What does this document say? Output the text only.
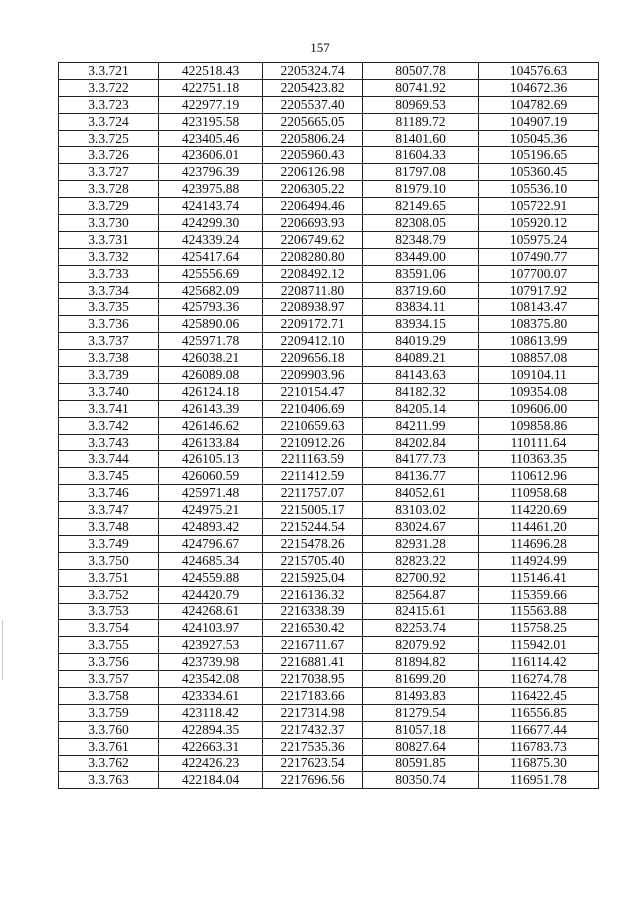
157
3.3.721	422518.43	2205324.74	80507.78	104576.63
3.3.722	422751.18	2205423.82	80741.92	104672.36
3.3.723	422977.19	2205537.40	80969.53	104782.69
3.3.724	423195.58	2205665.05	81189.72	104907.19
3.3.725	423405.46	2205806.24	81401.60	105045.36
3.3.726	423606.01	2205960.43	81604.33	105196.65
3.3.727	423796.39	2206126.98	81797.08	105360.45
3.3.728	423975.88	2206305.22	81979.10	105536.10
3.3.729	424143.74	2206494.46	82149.65	105722.91
3.3.730	424299.30	2206693.93	82308.05	105920.12
3.3.731	424339.24	2206749.62	82348.79	105975.24
3.3.732	425417.64	2208280.80	83449.00	107490.77
3.3.733	425556.69	2208492.12	83591.06	107700.07
3.3.734	425682.09	2208711.80	83719.60	107917.92
3.3.735	425793.36	2208938.97	83834.11	108143.47
3.3.736	425890.06	2209172.71	83934.15	108375.80
3.3.737	425971.78	2209412.10	84019.29	108613.99
3.3.738	426038.21	2209656.18	84089.21	108857.08
3.3.739	426089.08	2209903.96	84143.63	109104.11
3.3.740	426124.18	2210154.47	84182.32	109354.08
3.3.741	426143.39	2210406.69	84205.14	109606.00
3.3.742	426146.62	2210659.63	84211.99	109858.86
3.3.743	426133.84	2210912.26	84202.84	110111.64
3.3.744	426105.13	2211163.59	84177.73	110363.35
3.3.745	426060.59	2211412.59	84136.77	110612.96
3.3.746	425971.48	2211757.07	84052.61	110958.68
3.3.747	424975.21	2215005.17	83103.02	114220.69
3.3.748	424893.42	2215244.54	83024.67	114461.20
3.3.749	424796.67	2215478.26	82931.28	114696.28
3.3.750	424685.34	2215705.40	82823.22	114924.99
3.3.751	424559.88	2215925.04	82700.92	115146.41
3.3.752	424420.79	2216136.32	82564.87	115359.66
3.3.753	424268.61	2216338.39	82415.61	115563.88
3.3.754	424103.97	2216530.42	82253.74	115758.25
3.3.755	423927.53	2216711.67	82079.92	115942.01
3.3.756	423739.98	2216881.41	81894.82	116114.42
3.3.757	423542.08	2217038.95	81699.20	116274.78
3.3.758	423334.61	2217183.66	81493.83	116422.45
3.3.759	423118.42	2217314.98	81279.54	116556.85
3.3.760	422894.35	2217432.37	81057.18	116677.44
3.3.761	422663.31	2217535.36	80827.64	116783.73
3.3.762	422426.23	2217623.54	80591.85	116875.30
3.3.763	422184.04	2217696.56	80350.74	116951.78
